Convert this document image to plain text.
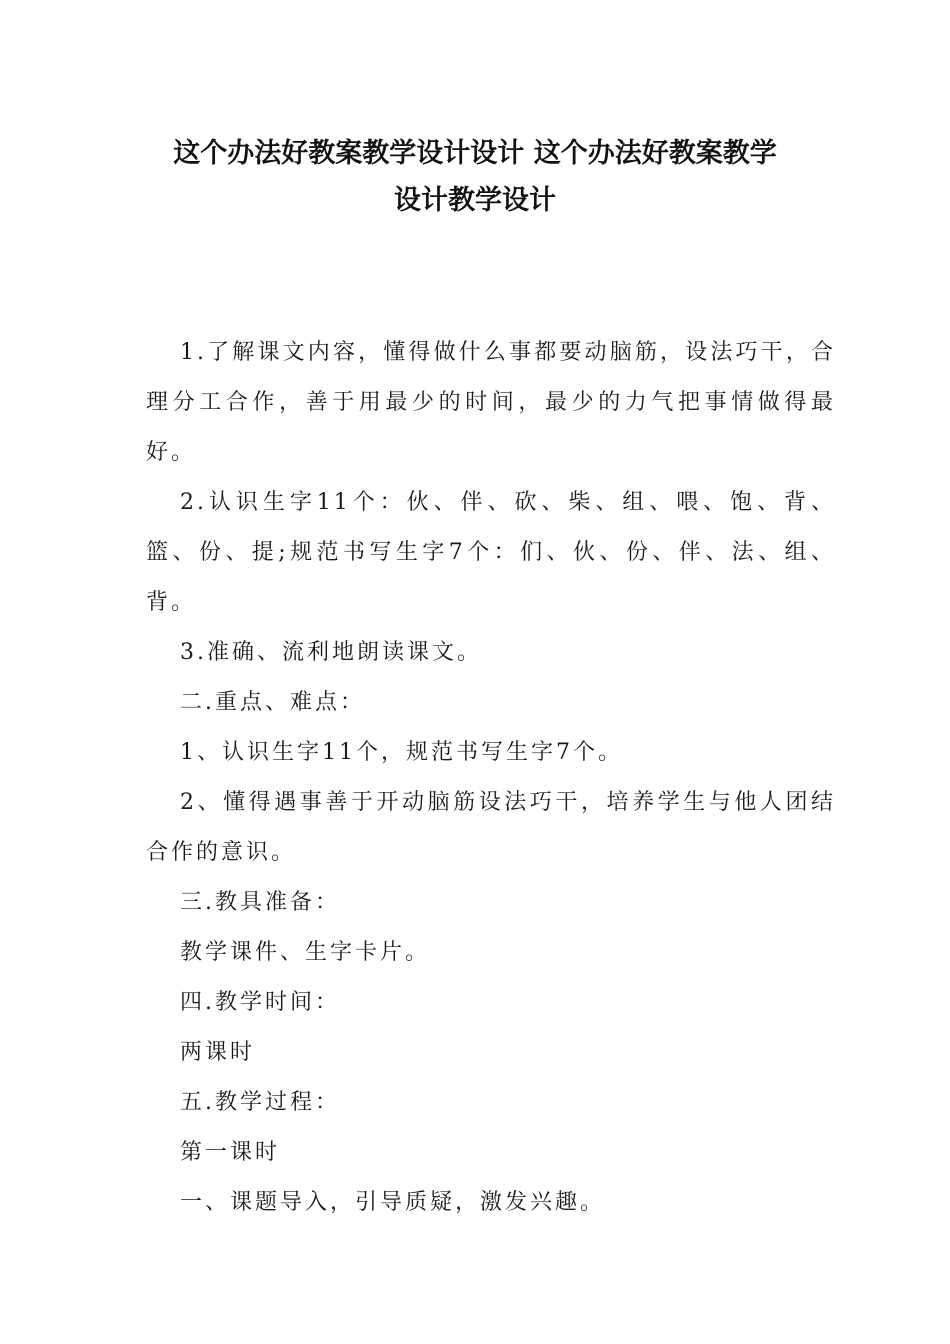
这个办法好教案教学设计设计 这个办法好教案教学
设计教学设计

1.了解课文内容，懂得做什么事都要动脑筋，设法巧干，合理分工合作，善于用最少的时间，最少的力气把事情做得最好。

2.认识生字11个：伙、伴、砍、柴、组、喂、饱、背、篮、份、提;规范书写生字7个：们、伙、份、伴、法、组、背。

3.准确、流利地朗读课文。

二.重点、难点：

1、认识生字11个，规范书写生字7个。

2、懂得遇事善于开动脑筋设法巧干，培养学生与他人团结合作的意识。

三.教具准备：

教学课件、生字卡片。

四.教学时间：

两课时

五.教学过程：

第一课时

一、课题导入，引导质疑，激发兴趣。
